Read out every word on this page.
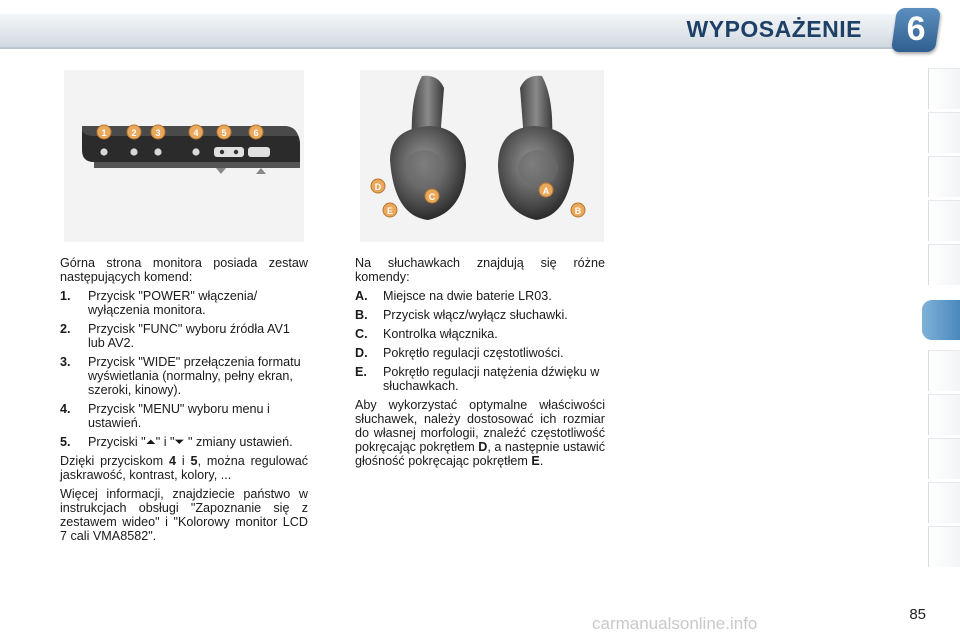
WYPOSAŻENIE	6
1	2 3	4	5	6
D
C
E
A
B

Górna strona monitora posiada zestaw następujących komend:

1.	Przycisk "POWER" włączenia/ wyłączenia monitora.
2.	Przycisk "FUNC" wyboru źródła AV1 lub AV2.
3.	Przycisk "WIDE" przełączenia formatu wyświetlania (normalny, pełny ekran, szeroki, kinowy).
4.	Przycisk "MENU" wyboru menu i ustawień.
5.	Przyciski "⏶" i "⏷ " zmiany ustawień.

Dzięki przyciskom 4 i 5, można regulować jaskrawość, kontrast, kolory, ...

Więcej informacji, znajdziecie państwo w instrukcjach obsługi "Zapoznanie się z zestawem wideo" i "Kolorowy monitor LCD 7 cali VMA8582".

Na słuchawkach znajdują się różne komendy:

A.	Miejsce na dwie baterie LR03.
B.	Przycisk włącz/wyłącz słuchawki.
C.	Kontrolka włącznika.
D.	Pokrętło regulacji częstotliwości.
E.	Pokrętło regulacji natężenia dźwięku w słuchawkach.

Aby wykorzystać optymalne właściwości słuchawek, należy dostosować ich rozmiar do własnej morfologii, znaleźć częstotliwość pokręcając pokrętłem D, a następnie ustawić głośność pokręcając pokrętłem E.

85
carmanualsonline.info
